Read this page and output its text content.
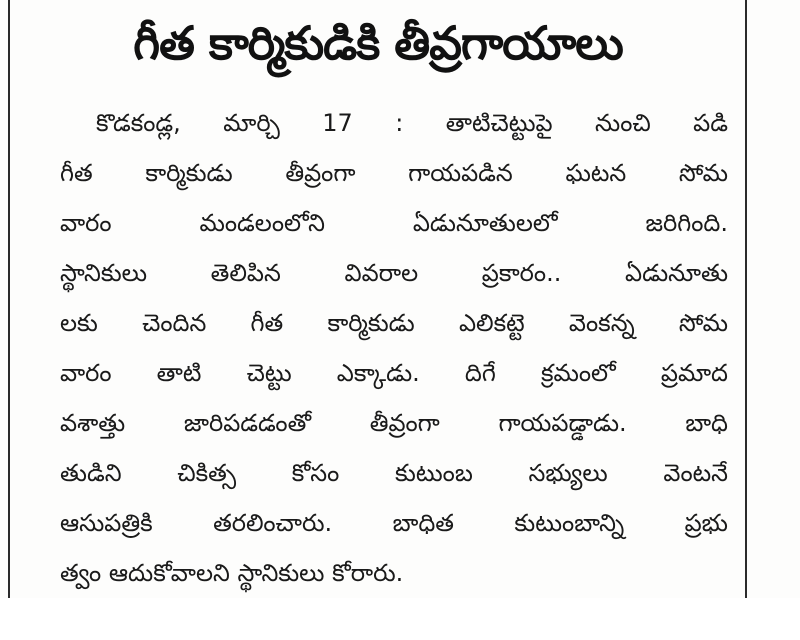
గీత కార్మికుడికి తీవ్రగాయాలు
కొడకండ్ల, మార్చి 17 : తాటిచెట్టుపై నుంచి పడి
గీత కార్మికుడు తీవ్రంగా గాయపడిన ఘటన సోమ
వారం మండలంలోని ఏడునూతులలో జరిగింది.
స్థానికులు తెలిపిన వివరాల ప్రకారం.. ఏడునూతు
లకు చెందిన గీత కార్మికుడు ఎలికట్టె వెంకన్న సోమ
వారం తాటి చెట్టు ఎక్కాడు. దిగే క్రమంలో ప్రమాద
వశాత్తు జారిపడడంతో తీవ్రంగా గాయపడ్డాడు. బాధి
తుడిని చికిత్స కోసం కుటుంబ సభ్యులు వెంటనే
ఆసుపత్రికి తరలించారు. బాధిత కుటుంబాన్ని ప్రభు
త్వం ఆదుకోవాలని స్థానికులు కోరారు.
